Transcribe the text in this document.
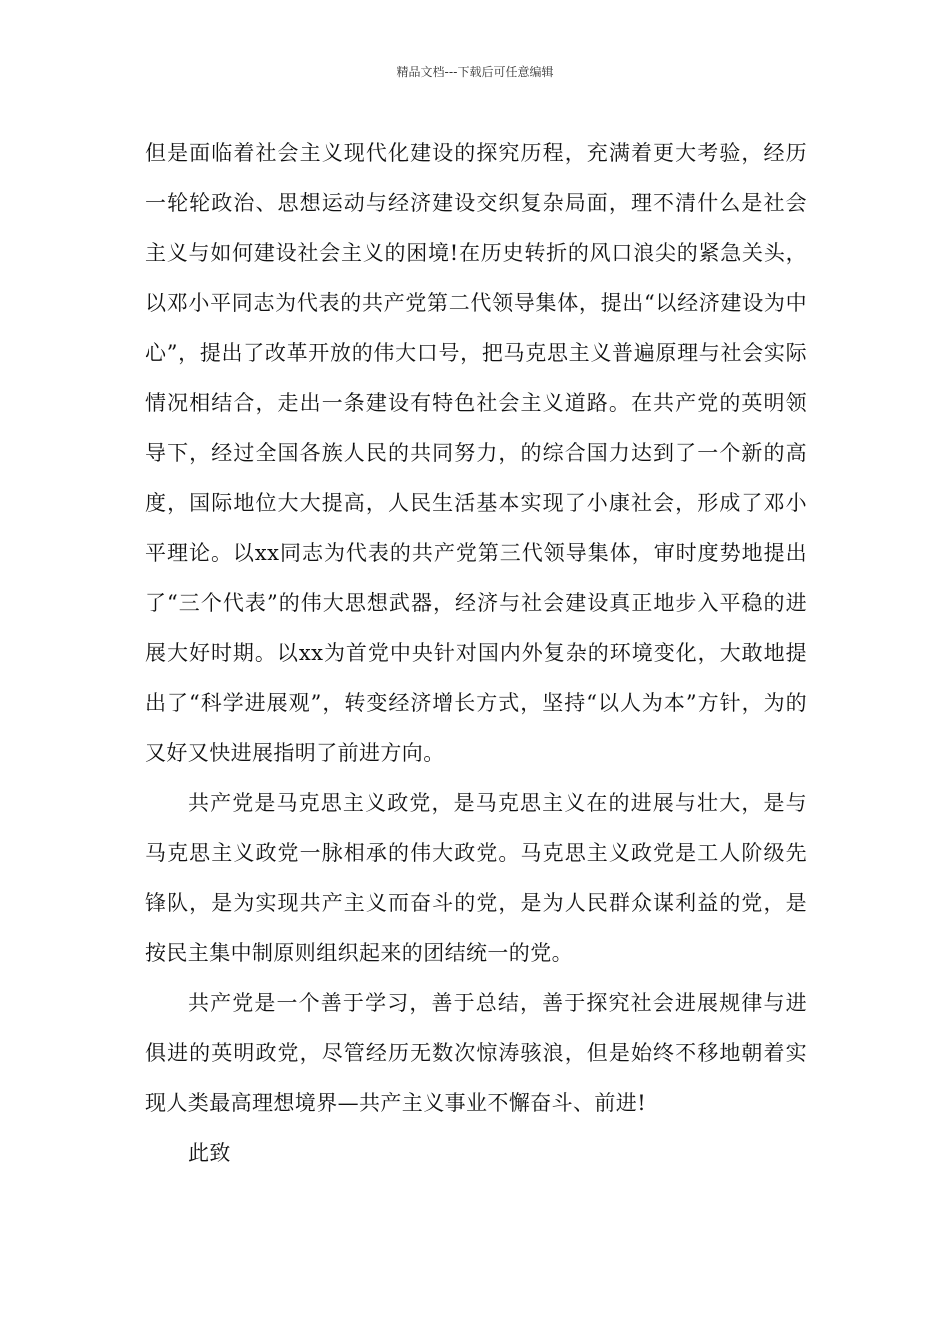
精品文档---下载后可任意编辑

但是面临着社会主义现代化建设的探究历程，充满着更大考验，经历一轮轮政治、思想运动与经济建设交织复杂局面，理不清什么是社会主义与如何建设社会主义的困境!在历史转折的风口浪尖的紧急关头，以邓小平同志为代表的共产党第二代领导集体，提出“以经济建设为中心”，提出了改革开放的伟大口号，把马克思主义普遍原理与社会实际情况相结合，走出一条建设有特色社会主义道路。在共产党的英明领导下，经过全国各族人民的共同努力，的综合国力达到了一个新的高度，国际地位大大提高，人民生活基本实现了小康社会，形成了邓小平理论。以xx同志为代表的共产党第三代领导集体，审时度势地提出了“三个代表”的伟大思想武器，经济与社会建设真正地步入平稳的进展大好时期。以xx为首党中央针对国内外复杂的环境变化，大敢地提出了“科学进展观”，转变经济增长方式，坚持“以人为本”方针，为的又好又快进展指明了前进方向。

共产党是马克思主义政党，是马克思主义在的进展与壮大，是与马克思主义政党一脉相承的伟大政党。马克思主义政党是工人阶级先锋队，是为实现共产主义而奋斗的党，是为人民群众谋利益的党，是按民主集中制原则组织起来的团结统一的党。

共产党是一个善于学习，善于总结，善于探究社会进展规律与进俱进的英明政党，尽管经历无数次惊涛骇浪，但是始终不移地朝着实现人类最高理想境界—共产主义事业不懈奋斗、前进!

此致
